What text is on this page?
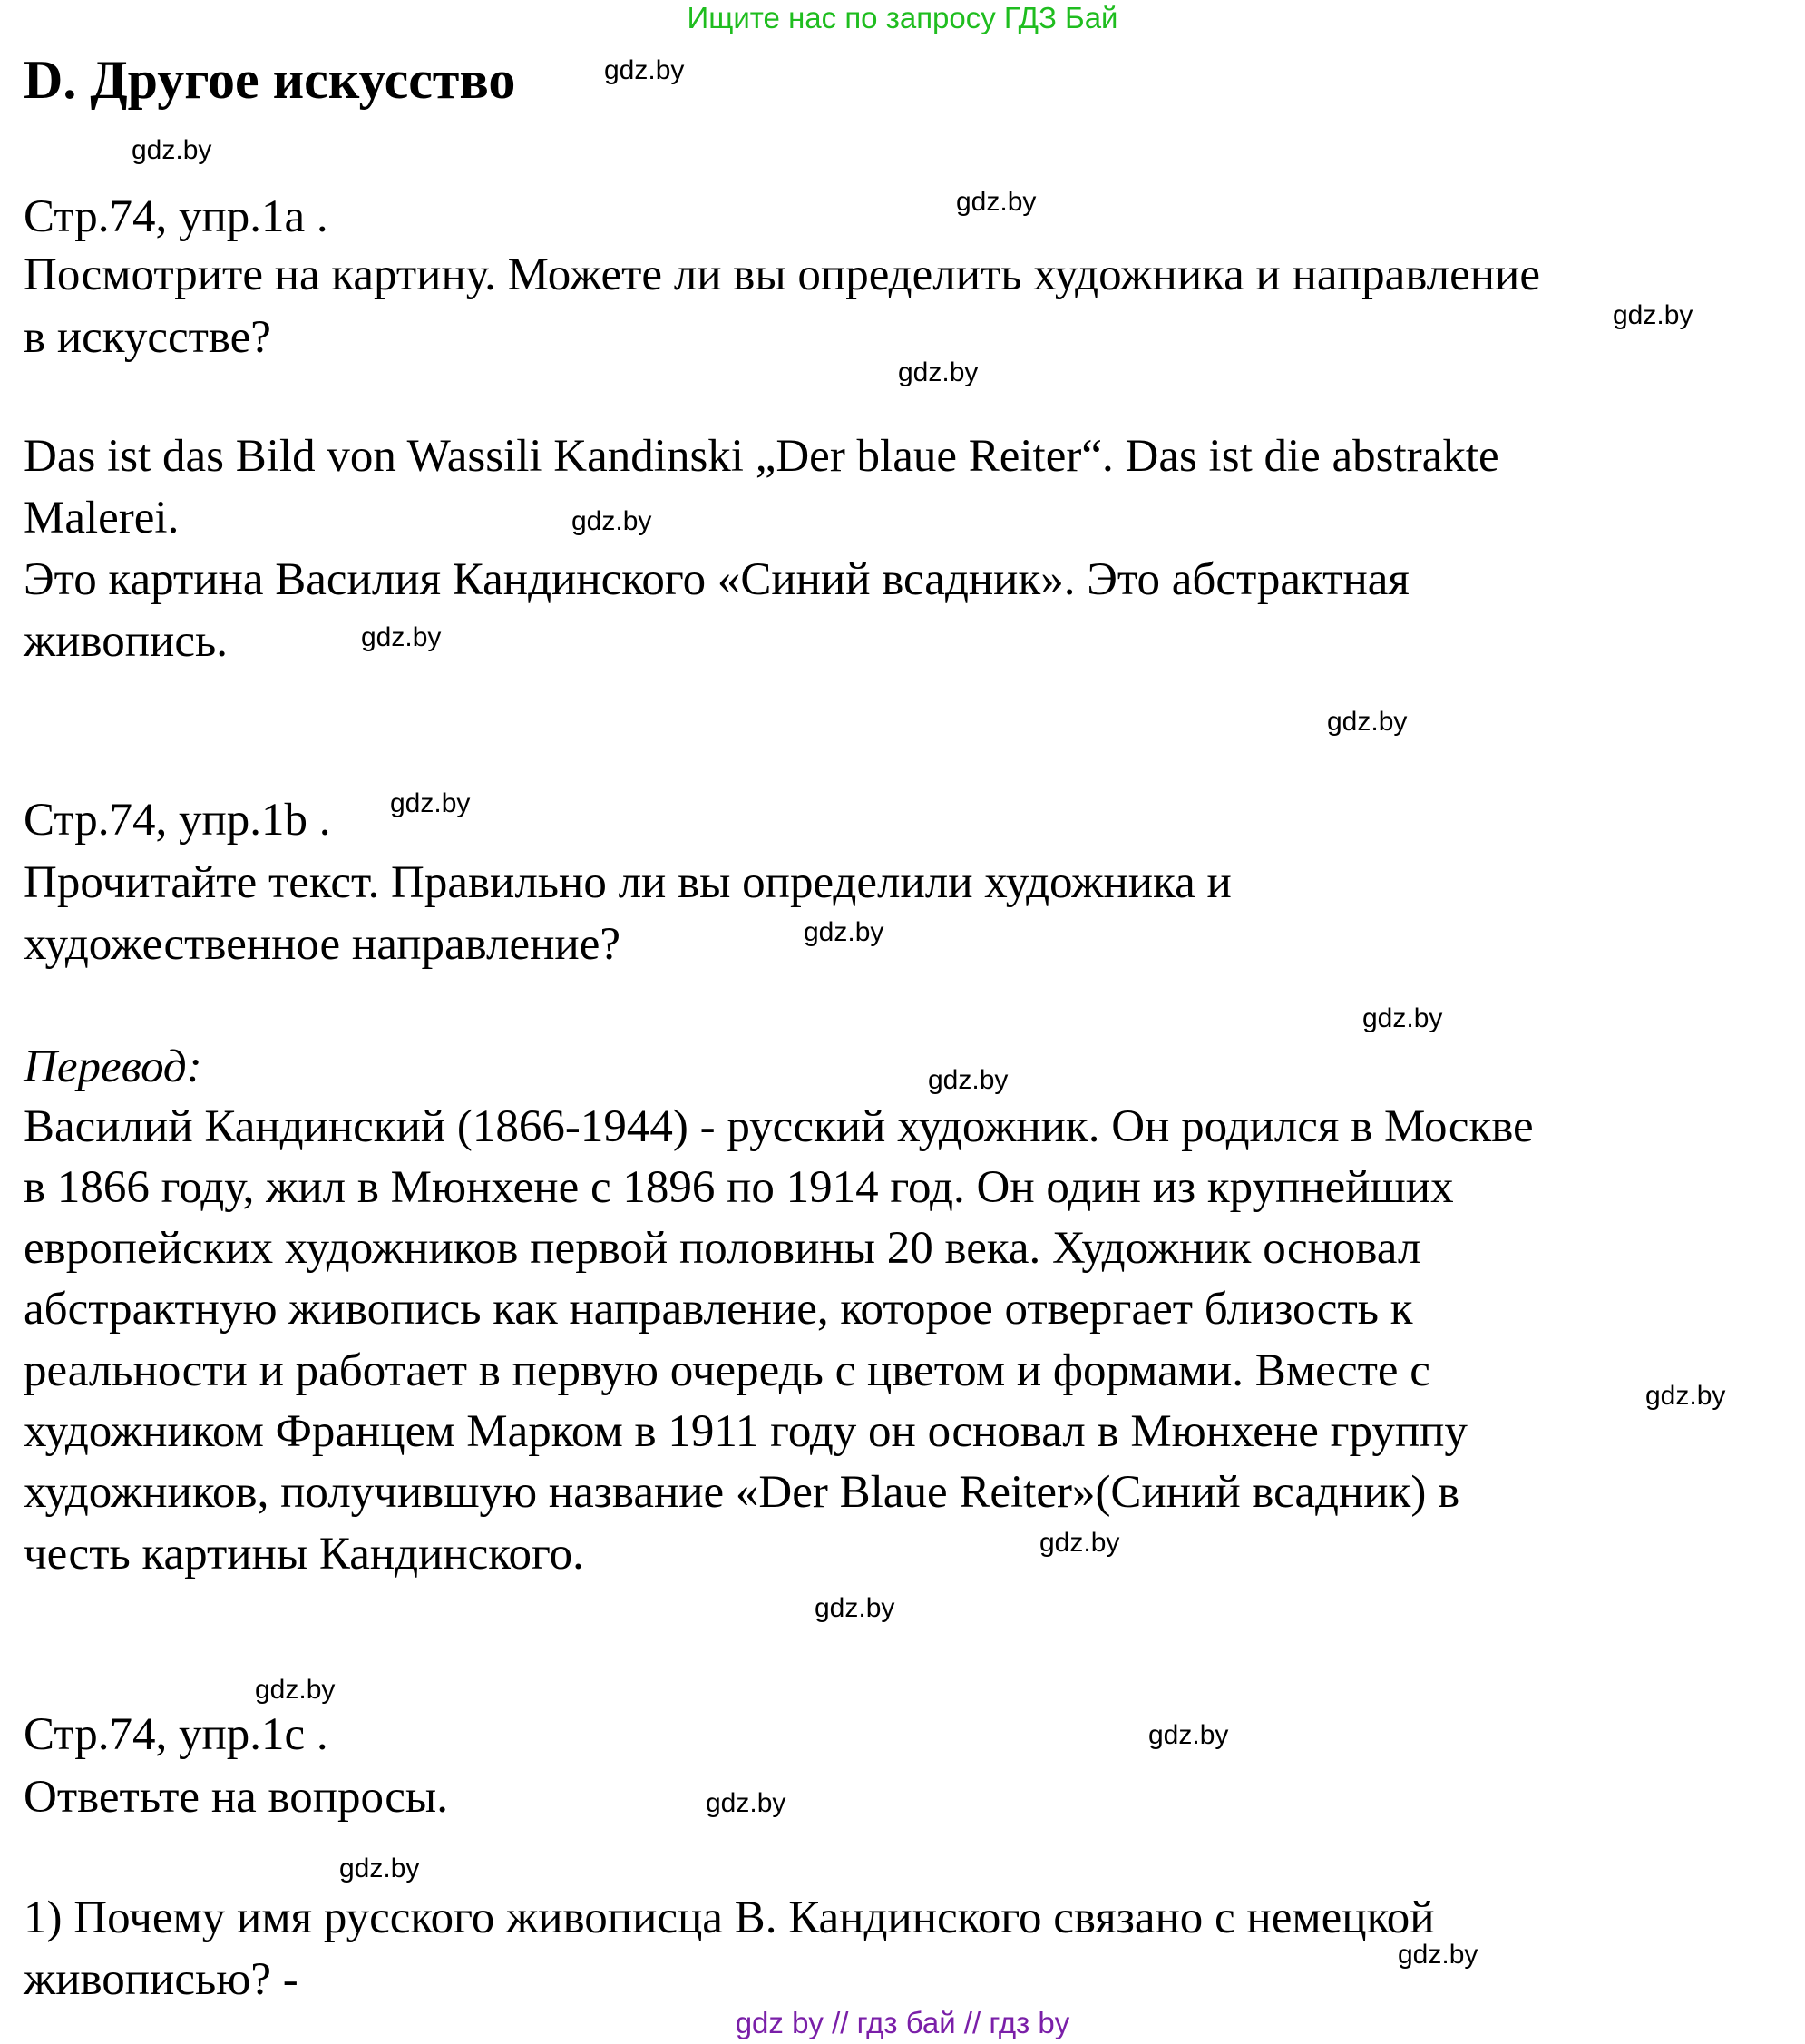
Ищите нас по запросу ГДЗ Бай
D. Другое искусство
Стр.74, упр.1a .
Посмотрите на картину. Можете ли вы определить художника и направление
в искусстве?
Das ist das Bild von Wassili Kandinski „Der blaue Reiter“. Das ist die abstrakte
Malerei.
Это картина Василия Кандинского «Синий всадник». Это абстрактная
живопись.
Стр.74, упр.1b .
Прочитайте текст. Правильно ли вы определили художника и
художественное направление?
Перевод:
Василий Кандинский (1866-1944) - русский художник. Он родился в Москве
в 1866 году, жил в Мюнхене с 1896 по 1914 год. Он один из крупнейших
европейских художников первой половины 20 века. Художник основал
абстрактную живопись как направление, которое отвергает близость к
реальности и работает в первую очередь с цветом и формами. Вместе с
художником Францем Марком в 1911 году он основал в Мюнхене группу
художников, получившую название «Der Blaue Reiter»(Синий всадник) в
честь картины Кандинского.
Стр.74, упр.1c .
Ответьте на вопросы.
1) Почему имя русского живописца В. Кандинского связано с немецкой
живописью? -
gdz.by
gdz.by
gdz.by
gdz.by
gdz.by
gdz.by
gdz.by
gdz.by
gdz.by
gdz.by
gdz.by
gdz.by
gdz.by
gdz.by
gdz.by
gdz.by
gdz.by
gdz.by
gdz.by
gdz.by
gdz by // гдз бай // гдз by
